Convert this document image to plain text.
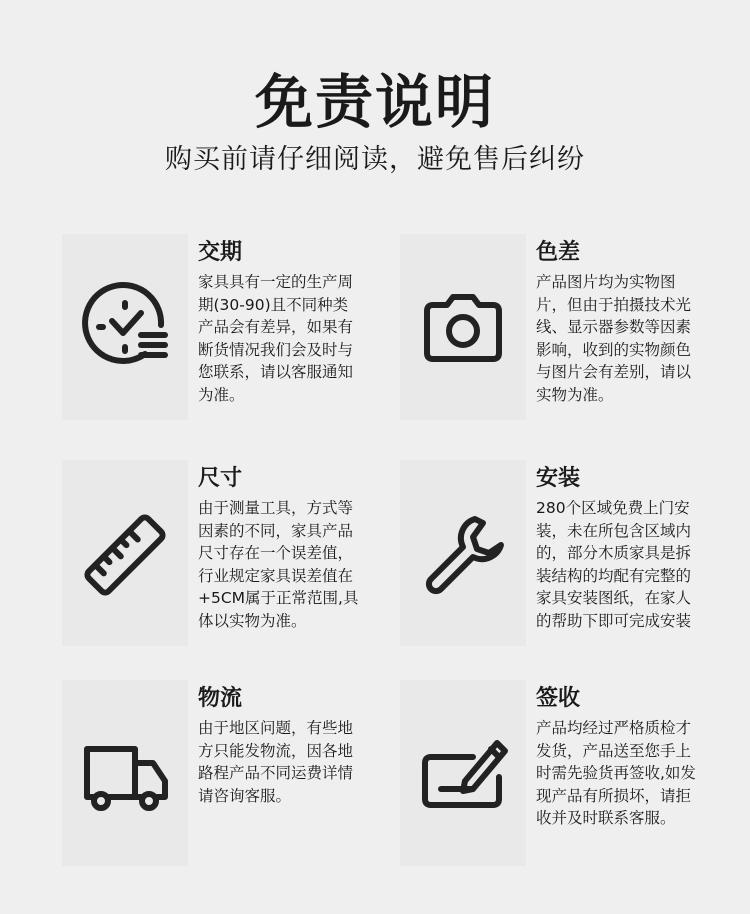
免责说明
购买前请仔细阅读，避免售后纠纷
交期
家具具有一定的生产周期(30-90)且不同种类产品会有差异，如果有断货情况我们会及时与您联系，请以客服通知为准。
色差
产品图片均为实物图片，但由于拍摄技术光线、显示器参数等因素影响，收到的实物颜色与图片会有差别，请以实物为准。
尺寸
由于测量工具，方式等因素的不同，家具产品尺寸存在一个误差值，行业规定家具误差值在+5CM属于正常范围,具体以实物为准。
安装
280个区域免费上门安装，未在所包含区域内的，部分木质家具是拆装结构的均配有完整的家具安装图纸，在家人的帮助下即可完成安装
物流
由于地区问题，有些地方只能发物流，因各地路程产品不同运费详情请咨询客服。
签收
产品均经过严格质检才发货，产品送至您手上时需先验货再签收,如发现产品有所损坏，请拒收并及时联系客服。
